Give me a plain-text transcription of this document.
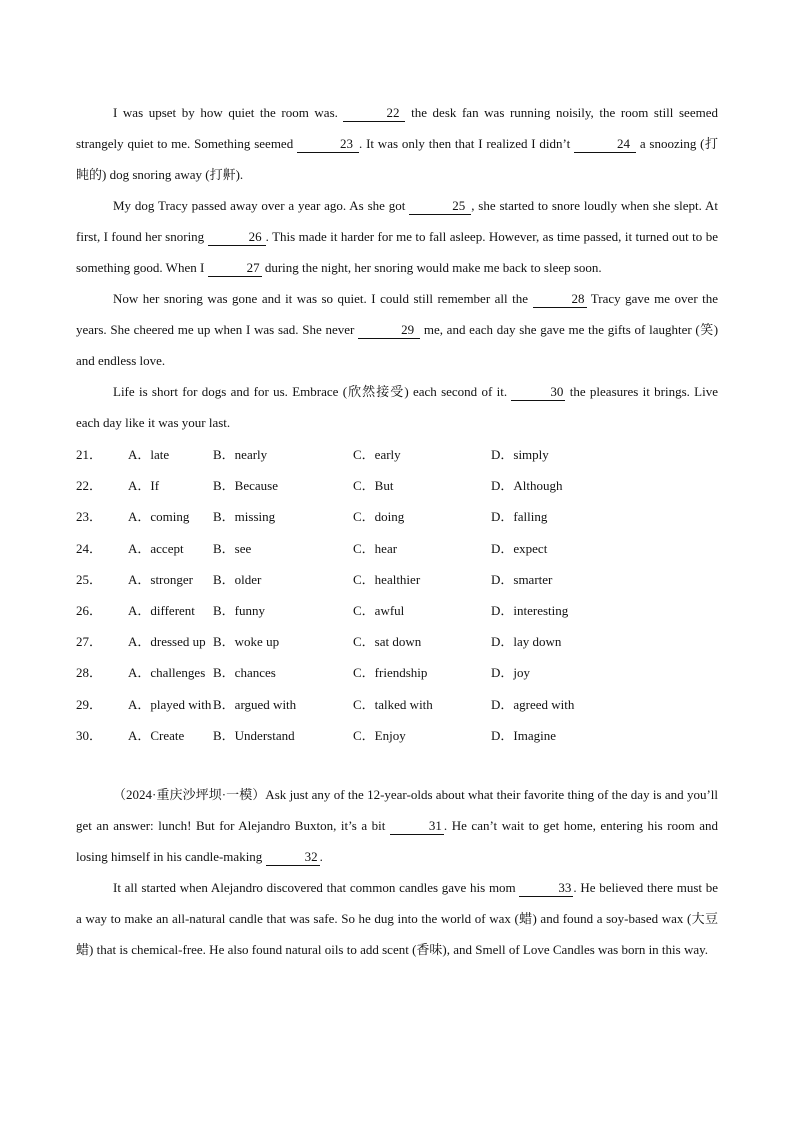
I was upset by how quiet the room was.	22 the desk fan was running noisily, the room still seemed strangely quiet to me. Something seemed	23 . It was only then that I realized I didn’t	24 a snoozing (打盹的) dog snoring away (打鼾).

My dog Tracy passed away over a year ago. As she got	25 , she started to snore loudly when she slept. At first, I found her snoring	26 . This made it harder for me to fall asleep. However, as time passed, it turned out to be something good. When I	27 during the night, her snoring would make me back to sleep soon.

Now her snoring was gone and it was so quiet. I could still remember all the	28 Tracy gave me over the years. She cheered me up when I was sad. She never	29 me, and each day she gave me the gifts of laughter (笑) and endless love.

Life is short for dogs and for us. Embrace (欣然接受) each second of it.	30 the pleasures it brings. Live each day like it was your last.

21．	A．late	B．nearly	C．early	D．simply
22．	A．If	B．Because	C．But	D．Although
23．	A．coming	B．missing	C．doing	D．falling
24．	A．accept	B．see	C．hear	D．expect
25．	A．stronger	B．older	C．healthier	D．smarter
26．	A．different	B．funny	C．awful	D．interesting
27．	A．dressed up B．woke up	C．sat down	D．lay down
28．	A．challenges B．chances	C．friendship	D．joy
29．	A．played with B．argued with	C．talked with	D．agreed with
30．	A．Create	B．Understand	C．Enjoy	D．Imagine

（2024·重庆沙坪坝·一模）Ask just any of the 12-year-olds about what their favorite thing of the day is and you’ll get an answer: lunch! But for Alejandro Buxton, it’s a bit	31 . He can’t wait to get home, entering his room and losing himself in his candle-making	32 .

It all started when Alejandro discovered that common candles gave his mom	33 . He believed there must be a way to make an all-natural candle that was safe. So he dug into the world of wax (蜡) and found a soy-based wax (大豆蜡) that is chemical-free. He also found natural oils to add scent (香味), and Smell of Love Candles was born in this way.
